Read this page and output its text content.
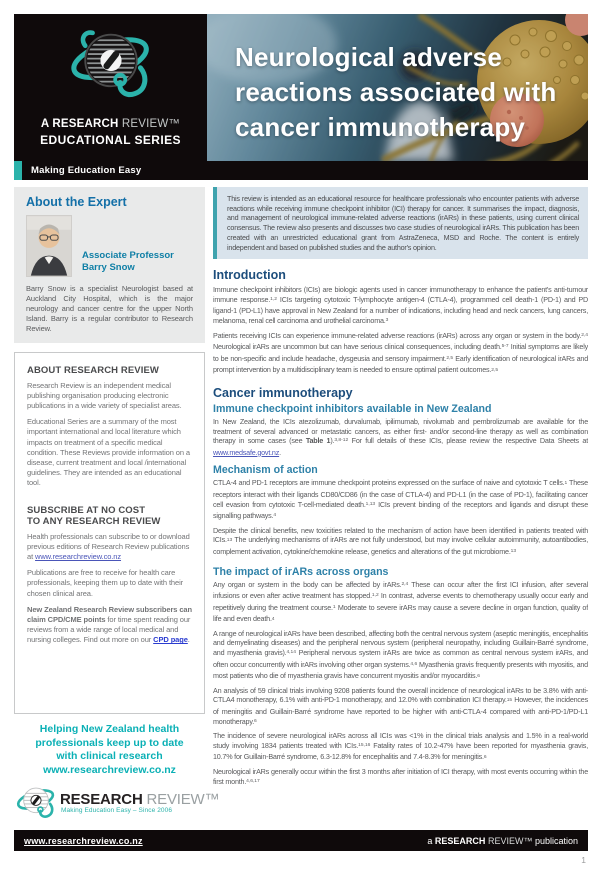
A RESEARCH REVIEW™
EDUCATIONAL SERIES
Neurological adverse
reactions associated with
cancer immunotherapy
Making Education Easy
About the Expert
Associate Professor
Barry Snow
Barry Snow is a specialist Neurologist based at Auckland City Hospital, which is the major neurology and cancer centre for the upper North Island. Barry is a regular contributor to Research Review.
ABOUT RESEARCH REVIEW

Research Review is an independent medical publishing organisation producing electronic publications in a wide variety of specialist areas.

Educational Series are a summary of the most important international and local literature which impacts on treatment of a specific medical condition. These Reviews provide information on a disease, current treatment and local /international guidelines. They are intended as an educational tool.

SUBSCRIBE AT NO COST
TO ANY RESEARCH REVIEW

Health professionals can subscribe to or download previous editions of Research Review publications at www.researchreview.co.nz

Publications are free to receive for health care professionals, keeping them up to date with their chosen clinical area.

New Zealand Research Review subscribers can claim CPD/CME points for time spent reading our reviews from a wide range of local medical and nursing colleges. Find out more on our CPD page.

Helping New Zealand health
professionals keep up to date
with clinical research
www.researchreview.co.nz
RESEARCH REVIEW™
Making Education Easy – Since 2006
This review is intended as an educational resource for healthcare professionals who encounter patients with adverse reactions while receiving immune checkpoint inhibitor (ICI) therapy for cancer. It summarises the impact, diagnosis, and management of neurological immune-related adverse reactions (irARs) in these patients, using current clinical consensus. The review also presents and discusses two case studies of neurological irARs. This publication has been created with an unrestricted educational grant from AstraZeneca, MSD and Roche. The content is entirely independent and based on published studies and the author's opinion.
Introduction

Immune checkpoint inhibitors (ICIs) are biologic agents used in cancer immunotherapy to enhance the patient's anti-tumour immune response.$^{1,2}$ ICIs targeting cytotoxic T-lymphocyte antigen-4 (CTLA-4), programmed cell death-1 (PD-1) and PD ligand-1 (PD-L1) have approval in New Zealand for a number of indications, including head and neck cancers, lung cancers, melanoma, renal cell carcinoma and urothelial carcinoma.$^3$

Patients receiving ICIs can experience immune-related adverse reactions (irARs) across any organ or system in the body.$^{2,4}$ Neurological irARs are uncommon but can have serious clinical consequences, including death.$^{5-7}$ Initial symptoms are likely to be non-specific and include headache, dysgeusia and sensory impairment.$^{2,5}$ Early identification of neurological irARs and prompt intervention by a multidisciplinary team is needed to ensure optimal patient outcomes.$^{2,5}$

Cancer immunotherapy
Immune checkpoint inhibitors available in New Zealand

In New Zealand, the ICIs atezolizumab, durvalumab, ipilimumab, nivolumab and pembrolizumab are available for the treatment of several advanced or metastatic cancers, as either first- and/or second-line therapy as well as combination therapy in some cases (see Table 1).$^{3,8-12}$ For full details of these ICIs, please review the respective Data Sheets at www.medsafe.govt.nz.

Mechanism of action

CTLA-4 and PD-1 receptors are immune checkpoint proteins expressed on the surface of naive and cytotoxic T cells.$^1$ These receptors interact with their ligands CD80/CD86 (in the case of CTLA-4) and PD-L1 (in the case of PD-1), facilitating cancer cell evasion from cytotoxic T-cell-mediated death.$^{1,13}$ ICIs prevent binding of the receptors and ligands and disrupt these signalling pathways.$^4$

Despite the clinical benefits, new toxicities related to the mechanism of action have been identified in patients treated with ICIs.$^{13}$ The underlying mechanisms of irARs are not fully understood, but may involve cellular autoimmunity, autoantibodies, complement activation, cytokine/chemokine release, genetics and alterations of the gut microbiome.$^{13}$

The impact of irARs across organs

Any organ or system in the body can be affected by irARs.$^{2,4}$ These can occur after the first ICI infusion, after several infusions or even after active treatment has stopped.$^{1,2}$ In contrast, adverse events to chemotherapy usually occur early and repetitively during the treatment course.$^1$ Moderate to severe irARs may cause a severe decline in organ function, quality of life and even death.$^4$

A range of neurological irARs have been described, affecting both the central nervous system (aseptic meningitis, encephalitis and demyelinating diseases) and the peripheral nervous system (peripheral neuropathy, including Guillain-Barré syndrome, and myasthenia gravis).$^{4,14}$ Peripheral nervous system irARs are twice as common as central nervous system irARs, and often occur concurrently with irARs involving other organ systems.$^{4,6}$ Myasthenia gravis frequently presents with myositis, and most patients who die of myasthenia gravis have concurrent myositis and/or myocarditis.$^6$

An analysis of 59 clinical trials involving 9208 patients found the overall incidence of neurological irARs to be 3.8% with anti-CTLA4 monotherapy, 6.1% with anti-PD-1 monotherapy, and 12.0% with combination ICI therapy.$^{15}$ However, the incidences of meningitis and Guillain-Barré syndrome have reported to be higher with anti-CTLA-4 compared with anti-PD-1/PD-L1 monotherapy.$^6$

The incidence of severe neurological irARs across all ICIs was <1% in the clinical trials analysis and 1.5% in a real-world study involving 1834 patients treated with ICIs.$^{15,16}$ Fatality rates of 10.2-47% have been reported for myasthenia gravis, 10.7% for Guillain-Barré syndrome, 6.3-12.8% for encephalitis and 7.4-8.3% for meningitis.$^6$

Neurological irARs generally occur within the first 3 months after initiation of ICI therapy, with most events occurring within the first month.$^{4,6,17}$

www.researchreview.co.nz	a RESEARCH REVIEW™ publication
1
